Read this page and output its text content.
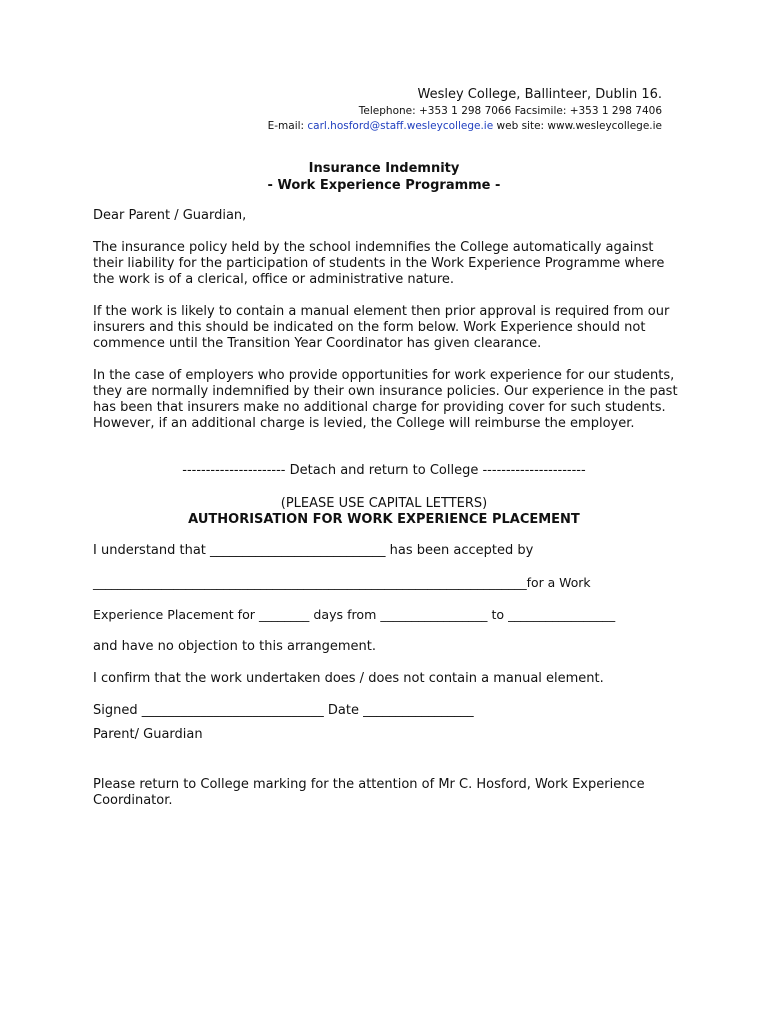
Wesley College, Ballinteer, Dublin 16.
Telephone: +353 1 298 7066 Facsimile: +353 1 298 7406
E-mail: carl.hosford@staff.wesleycollege.ie web site: www.wesleycollege.ie
Insurance Indemnity
- Work Experience Programme -

Dear Parent / Guardian,

The insurance policy held by the school indemnifies the College automatically against their liability for the participation of students in the Work Experience Programme where the work is of a clerical, office or administrative nature.

If the work is likely to contain a manual element then prior approval is required from our insurers and this should be indicated on the form below. Work Experience should not commence until the Transition Year Coordinator has given clearance.

In the case of employers who provide opportunities for work experience for our students, they are normally indemnified by their own insurance policies. Our experience in the past has been that insurers make no additional charge for providing cover for such students. However, if an additional charge is levied, the College will reimburse the employer.

---------------------- Detach and return to College ----------------------
(PLEASE USE CAPITAL LETTERS)
AUTHORISATION FOR WORK EXPERIENCE PLACEMENT
I understand that ___________________________ has been accepted by
______________________________________________________________________for a Work
Experience Placement for ________ days from _________________ to _________________
and have no objection to this arrangement.
I confirm that the work undertaken does / does not contain a manual element.
Signed ____________________________ Date _________________
Parent/ Guardian

Please return to College marking for the attention of Mr C. Hosford, Work Experience Coordinator.
